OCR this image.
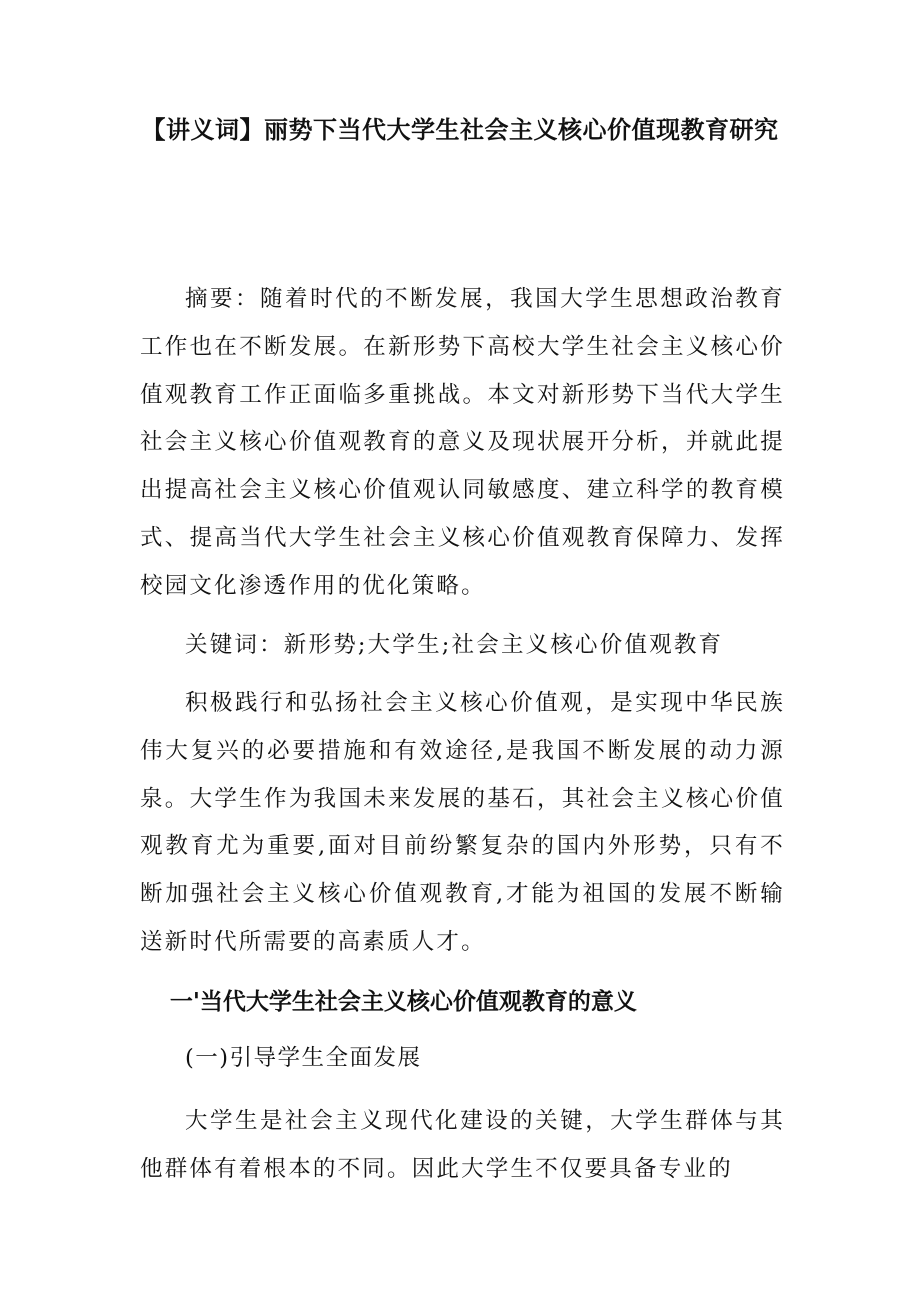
【讲义词】丽势下当代大学生社会主义核心价值现教育研究
摘要：随着时代的不断发展，我国大学生思想政治教育工作也在不断发展。在新形势下高校大学生社会主义核心价值观教育工作正面临多重挑战。本文对新形势下当代大学生社会主义核心价值观教育的意义及现状展开分析，并就此提出提高社会主义核心价值观认同敏感度、建立科学的教育模式、提高当代大学生社会主义核心价值观教育保障力、发挥校园文化渗透作用的优化策略。
关键词：新形势;大学生;社会主义核心价值观教育
积极践行和弘扬社会主义核心价值观，是实现中华民族伟大复兴的必要措施和有效途径,是我国不断发展的动力源泉。大学生作为我国未来发展的基石，其社会主义核心价值观教育尤为重要,面对目前纷繁复杂的国内外形势，只有不断加强社会主义核心价值观教育,才能为祖国的发展不断输送新时代所需要的高素质人才。
一'当代大学生社会主义核心价值观教育的意义
(一)引导学生全面发展
大学生是社会主义现代化建设的关键，大学生群体与其他群体有着根本的不同。因此大学生不仅要具备专业的
